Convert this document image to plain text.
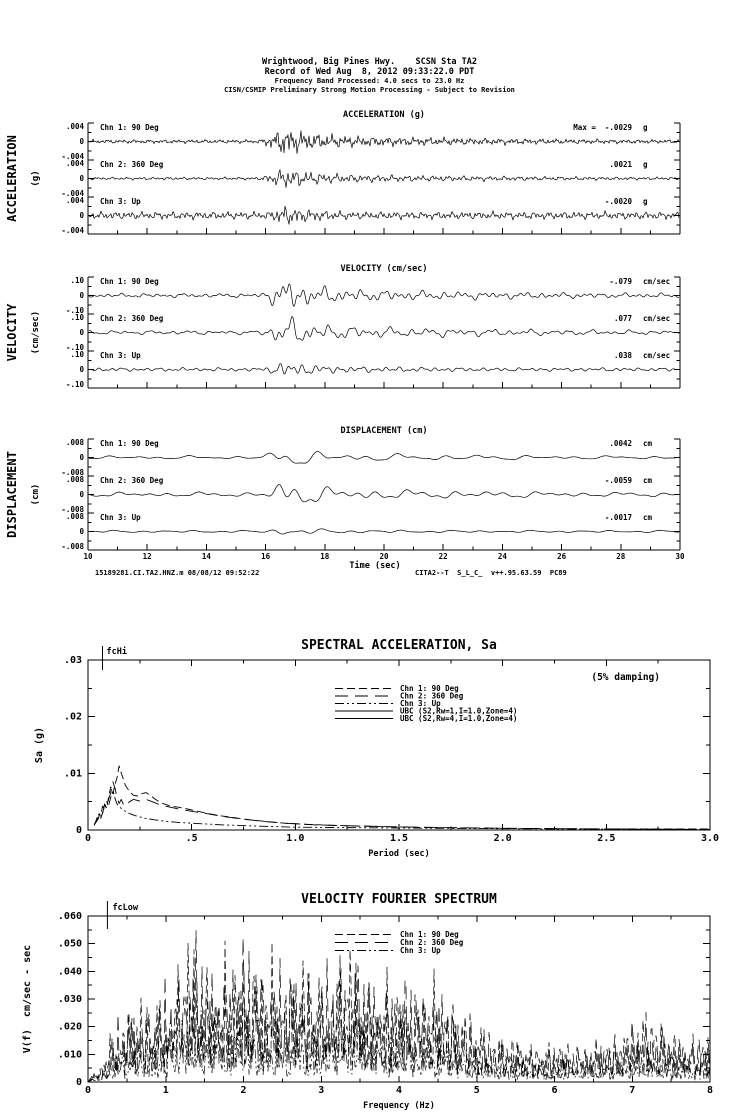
Wrightwood, Big Pines Hwy.    SCSN Sta TA2
Record of Wed Aug  8, 2012 09:33:22.0 PDT
Frequency Band Processed: 4.0 secs to 23.0 Hz
CISN/CSMIP Preliminary Strong Motion Processing - Subject to Revision
ACCELERATION (g)
ACCELERATION (g)
.004
0
-.004
Chn 1: 90 Deg	Max =  -.0029 g
.004
0
-.004
Chn 2: 360 Deg	.0021 g
.004
0
-.004
Chn 3: Up	-.0020 g
VELOCITY (cm/sec)
VELOCITY (cm/sec)
.10
0
-.10
Chn 1: 90 Deg	-.079 cm/sec
.10
0
-.10
Chn 2: 360 Deg	.077 cm/sec
.10
0
-.10
Chn 3: Up	.038 cm/sec
DISPLACEMENT (cm)
DISPLACEMENT (cm)
.008
0
-.008
Chn 1: 90 Deg	.0042 cm
.008
0
-.008
Chn 2: 360 Deg	-.0059 cm
.008
0
-.008
Chn 3: Up	-.0017 cm
10	12	14	16	18	20	22	24	26	28	30
Time (sec)
15189281.CI.TA2.HNZ.m 08/08/12 09:52:22	CITA2--T  S_L_C_  v++.95.63.59  PC89
SPECTRAL ACCELERATION, Sa
0	.5	1.0	1.5	2.0	2.5	3.0
.03
.02
.01
0
Period (sec)
Sa (g)
(5% damping)
fcHi
Chn 1: 90 Deg
Chn 2: 360 Deg
Chn 3: Up
UBC (S2,Rw=1,I=1.0,Zone=4)
UBC (S2,Rw=4,I=1.0,Zone=4)
VELOCITY FOURIER SPECTRUM
0	1	2	3	4	5	6	7	8
.060
.050
.040
.030
.020
.010
0
Frequency (Hz)
V(f)  cm/sec - sec
fcLow
Chn 1: 90 Deg
Chn 2: 360 Deg
Chn 3: Up
